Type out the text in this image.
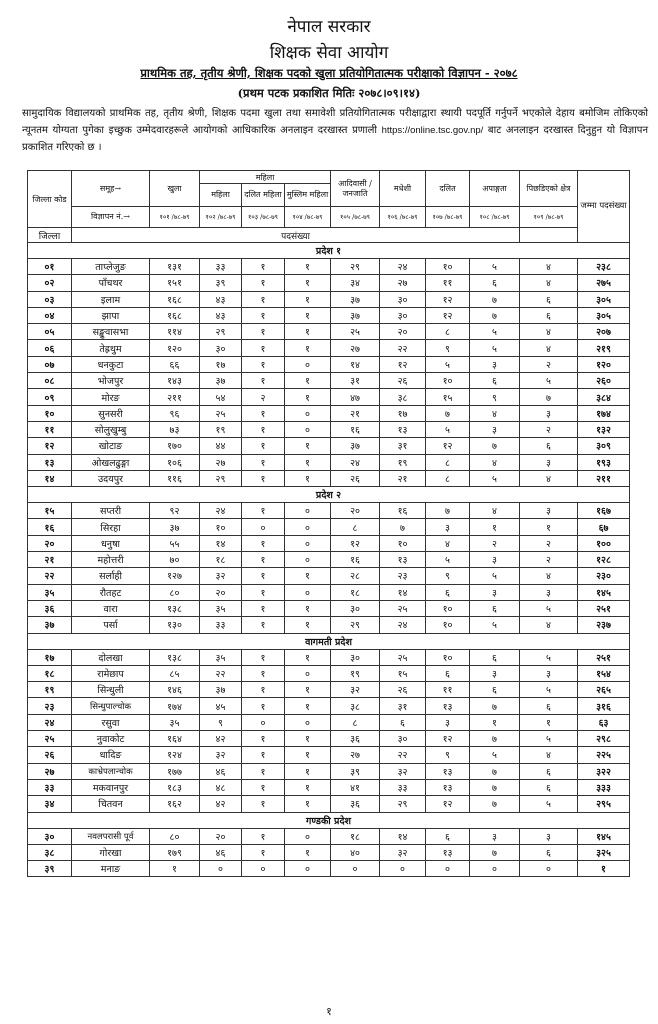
नेपाल सरकार
शिक्षक सेवा आयोग
प्राथमिक तह, तृतीय श्रेणी, शिक्षक पदको खुला प्रतियोगितात्मक परीक्षाको विज्ञापन - २०७८
(प्रथम पटक प्रकाशित मितिः २०७८।०९।१४)
सामुदायिक विद्यालयको प्राथमिक तह, तृतीय श्रेणी, शिक्षक पदमा खुला तथा समावेशी प्रतियोगितात्मक परीक्षाद्वारा स्थायी पदपूर्ति गर्नुपर्ने भएकोले देहाय बमोजिम तोकिएको न्यूनतम योग्यता पुगेका इच्छुक उम्मेदवारहरूले आयोगको आधिकारिक अनलाइन दरखास्त प्रणाली https://online.tsc.gov.np/ बाट अनलाइन दरखास्त दिनुहुन यो विज्ञापन प्रकाशित गरिएको छ ।
जिल्ला कोड	समूह→	खुला	महिला			आदिवासी / जनजाति	मधेशी	दलित	अपाङ्गता	पिछडिएको क्षेत्र	जम्मा पदसंख्या
			महिला	दलित महिला	मुस्लिम महिला						
	विज्ञापन नं.→	१०१ /७८-७९	१०२ /७८-७९	१०३ /७८-७९	१०४ /७८-७९	१०५ /७८-७९	१०६ /७८-७९	१०७ /७८-७९	१०८ /७८-७९	१०९ /७८-७९	
जिल्ला	पदसंख्या										
प्रदेश १											
०१	ताप्लेजुङ	१३१	३३	१	१	२९	२४	१०	५	४	२३८
०२	पाँचथर	१५१	३९	१	१	३४	२७	११	६	४	२७५
०३	इलाम	१६८	४३	१	१	३७	३०	१२	७	६	३०५
०४	झापा	१६८	४३	१	१	३७	३०	१२	७	६	३०५
०५	सङ्खुवासभा	११४	२९	१	१	२५	२०	८	५	४	२०७
०६	तेह्रथुम	१२०	३०	१	१	२७	२२	९	५	४	२१९
०७	धनकुटा	६६	१७	१	०	१४	१२	५	३	२	१२०
०८	भोजपुर	१४३	३७	१	१	३१	२६	१०	६	५	२६०
०९	मोरङ	२११	५४	२	१	४७	३८	१५	९	७	३८४
१०	सुनसरी	९६	२५	१	०	२१	१७	७	४	३	१७४
११	सोलुखुम्बु	७३	१९	१	०	१६	१३	५	३	२	१३२
१२	खोटाङ	१७०	४४	१	१	३७	३१	१२	७	६	३०९
१३	ओखलढुङ्गा	१०६	२७	१	१	२४	१९	८	४	३	१९३
१४	उदयपुर	११६	२९	१	१	२६	२१	८	५	४	२११
प्रदेश २											
१५	सप्तरी	९२	२४	१	०	२०	१६	७	४	३	१६७
१६	सिरहा	३७	१०	०	०	८	७	३	१	१	६७
२०	धनुषा	५५	१४	१	०	१२	१०	४	२	२	१००
२१	महोत्तरी	७०	१८	१	०	१६	१३	५	३	२	१२८
२२	सर्लाही	१२७	३२	१	१	२८	२३	९	५	४	२३०
३५	रौतहट	८०	२०	१	०	१८	१४	६	३	३	१४५
३६	वारा	१३८	३५	१	१	३०	२५	१०	६	५	२५१
३७	पर्सा	१३०	३३	१	१	२९	२४	१०	५	४	२३७
वागमती प्रदेश											
१७	दोलखा	१३८	३५	१	१	३०	२५	१०	६	५	२५१
१८	रामेछाप	८५	२२	१	०	१९	१५	६	३	३	१५४
१९	सिन्धुली	१४६	३७	१	१	३२	२६	११	६	५	२६५
२३	सिन्धुपाल्चोक	१७४	४५	१	१	३८	३१	१३	७	६	३१६
२४	रसुवा	३५	९	०	०	८	६	३	१	१	६३
२५	नुवाकोट	१६४	४२	१	१	३६	३०	१२	७	५	२९८
२६	धादिङ	१२४	३२	१	१	२७	२२	९	५	४	२२५
२७	काभ्रेपलान्चोक	१७७	४६	१	१	३९	३२	१३	७	६	३२२
३३	मकवानपुर	१८३	४८	१	१	४१	३३	१३	७	६	३३३
३४	चितवन	१६२	४२	१	१	३६	२९	१२	७	५	२९५
गण्डकी प्रदेश											
३०	नवलपरासी पूर्व	८०	२०	१	०	१८	१४	६	३	३	१४५
३८	गोरखा	१७९	४६	१	१	४०	३२	१३	७	६	३२५
३९	मनाङ	१	०	०	०	०	०	०	०	०	१
१
